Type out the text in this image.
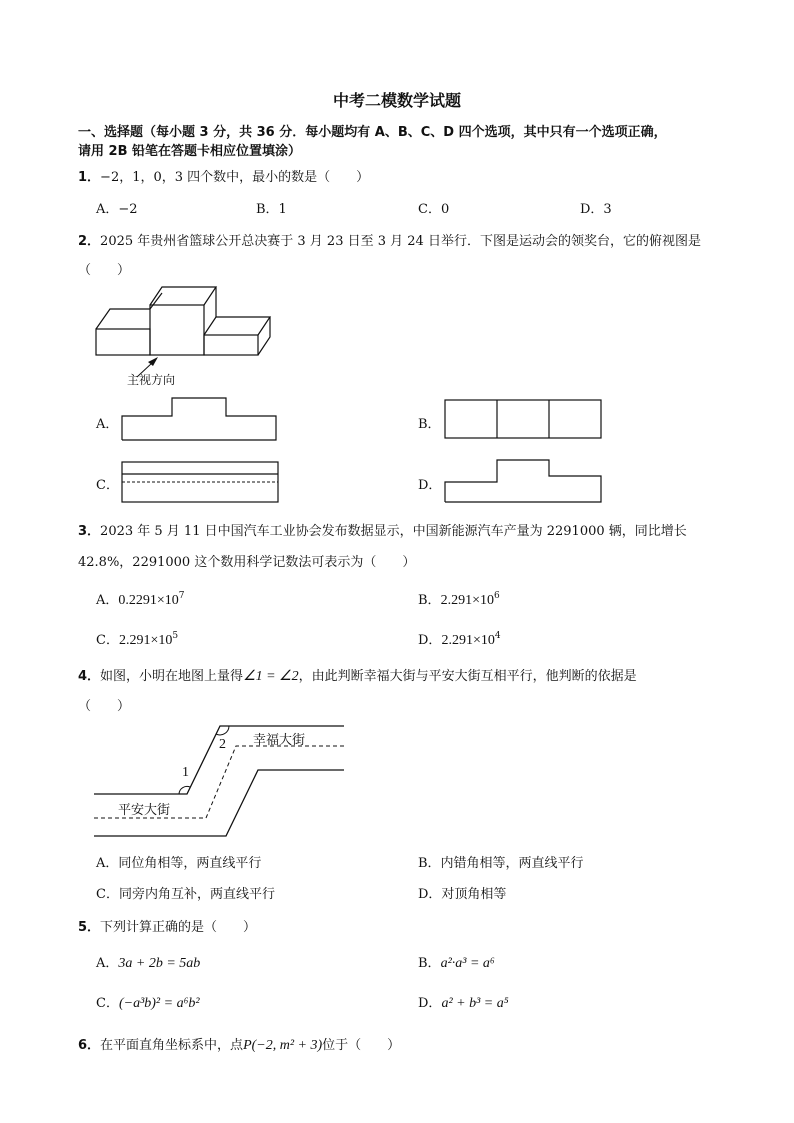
中考二模数学试题
一、选择题（每小题 3 分，共 36 分．每小题均有 A、B、C、D 四个选项，其中只有一个选项正确，
请用 2B 铅笔在答题卡相应位置填涂）
1．−2，1，0，3 四个数中，最小的数是（　　）
A．−2	B．1	C．0	D．3
2．2025 年贵州省篮球公开总决赛于 3 月 23 日至 3 月 24 日举行．下图是运动会的领奖台，它的俯视图是
（　　）
主视方向
A．	B．
C．	D．
3．2023 年 5 月 11 日中国汽车工业协会发布数据显示，中国新能源汽车产量为 2291000 辆，同比增长
42.8%，2291000 这个数用科学记数法可表示为（　　）
A．$0.2291\times 10^7$	B．$2.291\times 10^6$
C．$2.291\times 10^5$	D．$2.291\times 10^4$
4．如图，小明在地图上量得∠1 = ∠2，由此判断幸福大街与平安大街互相平行，他判断的依据是
（　　）
1
2 幸福大街
平安大街
A．同位角相等，两直线平行	B．内错角相等，两直线平行
C．同旁内角互补，两直线平行	D．对顶角相等
5．下列计算正确的是（　　）
A．3a + 2b = 5ab	B．a²·a³ = a⁶
C．(−a³b)² = a⁶b²	D．a² + b³ = a⁵
6．在平面直角坐标系中，点P(−2, m² + 3)位于（　　）
